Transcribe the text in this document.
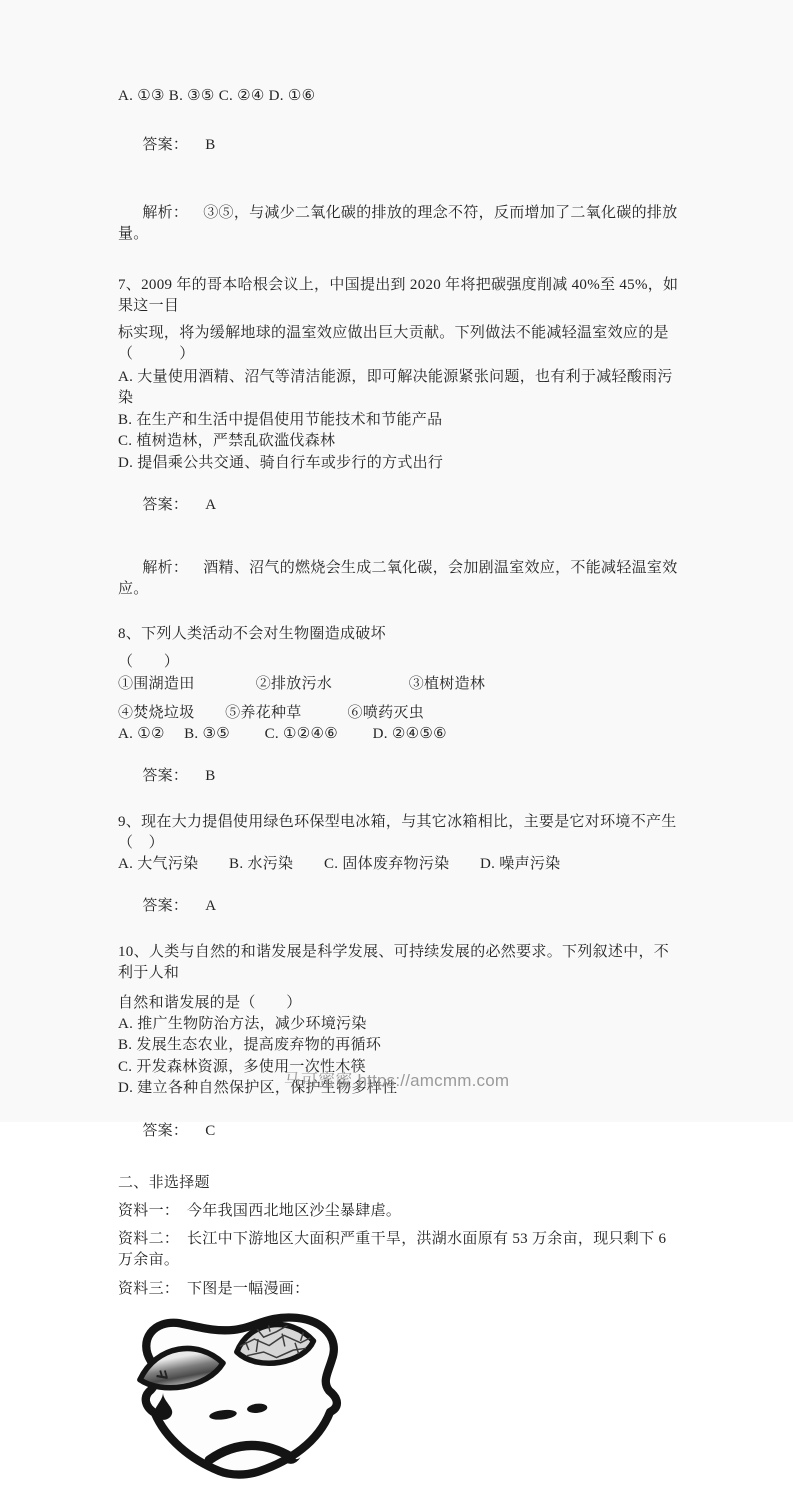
A. ①③ B. ③⑤ C. ②④ D. ①⑥

答案： B

解析： ③⑤，与减少二氧化碳的排放的理念不符，反而增加了二氧化碳的排放量。

7、2009 年的哥本哈根会议上，中国提出到 2020 年将把碳强度削减 40%至 45%，如果这一目
标实现，将为缓解地球的温室效应做出巨大贡献。下列做法不能减轻温室效应的是（　　　）
A. 大量使用酒精、沼气等清洁能源，即可解决能源紧张问题，也有利于减轻酸雨污染
B. 在生产和生活中提倡使用节能技术和节能产品
C. 植树造林，严禁乱砍滥伐森林
D. 提倡乘公共交通、骑自行车或步行的方式出行

答案： A

解析： 酒精、沼气的燃烧会生成二氧化碳，会加剧温室效应，不能减轻温室效应。

8、下列人类活动不会对生物圈造成破坏
（　　）
①围湖造田　　　　②排放污水　　　　　③植树造林
④焚烧垃圾　　⑤养花种草　　　⑥喷药灭虫
A. ①②　 B. ③⑤　　 C. ①②④⑥　　 D. ②④⑤⑥

答案： B

9、现在大力提倡使用绿色环保型电冰箱，与其它冰箱相比，主要是它对环境不产生 （　）
A. 大气污染　　B. 水污染　　C. 固体废弃物污染　　D. 噪声污染

答案： A

10、人类与自然的和谐发展是科学发展、可持续发展的必然要求。下列叙述中，不利于人和
自然和谐发展的是（　　）
A. 推广生物防治方法，减少环境污染
B. 发展生态农业，提高废弃物的再循环
C. 开发森林资源，多使用一次性木筷
D. 建立各种自然保护区，保护生物多样性

答案： C

二、非选择题
资料一：　今年我国西北地区沙尘暴肆虐。
资料二：　长江中下游地区大面积严重干旱，洪湖水面原有 53 万余亩，现只剩下 6 万余亩。
资料三：　下图是一幅漫画：
马可蜜蜜 https://amcmm.com
